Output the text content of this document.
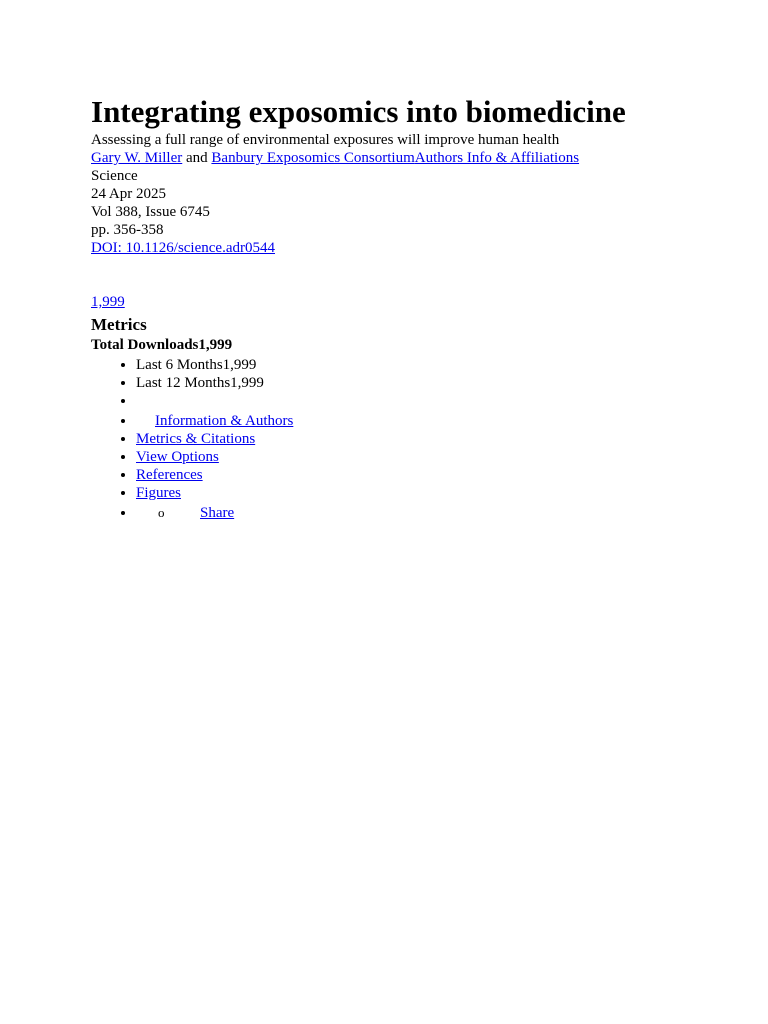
Integrating exposomics into biomedicine

Assessing a full range of environmental exposures will improve human health

Gary W. Miller and Banbury Exposomics ConsortiumAuthors Info & Affiliations

Science

24 Apr 2025

Vol 388, Issue 6745

pp. 356-358

DOI: 10.1126/science.adr0544

1,999

Metrics

Total Downloads1,999

• Last 6 Months1,999
• Last 12 Months1,999
•
• Information & Authors
• Metrics & Citations
• View Options
• References
• Figures
• o Share
